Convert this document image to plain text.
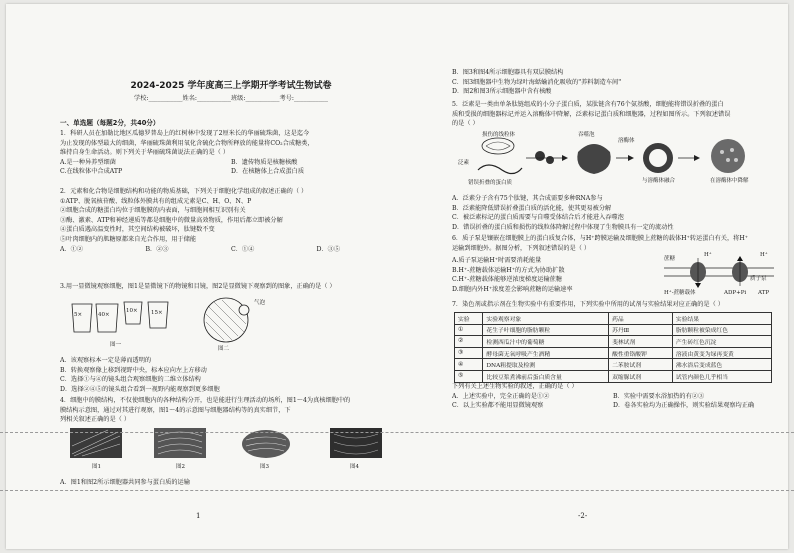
2024-2025 学年度高三上学期开学考试生物试卷
学校:___________姓名:___________班级:___________考号:___________
一、单选题（每题2分，共40分）
1．科研人员在加勒比地区瓜德罗普岛上的红树林中发现了2厘米长的华丽硫珠菌，这是迄今
为止发现的体型最大的细菌，华丽硫珠菌利用氧化含硫化合物所释放的能量将CO₂合成糖类，
维持自身生命活动。则下列关于华丽硫珠菌说法正确的是（ ）
A.是一种异养型细菌	B．遗传物质是核糖核酸
C.在线粒体中合成ATP	D．在核糖体上合成蛋白质
2．元素和化合物是细胞结构和功能的物质基础，下列关于细胞化学组成的叙述正确的（ ）
①ATP、脱氧核苷酸、线粒体外膜共有的组成元素是C、H、O、N、P
②细胞合成的糖蛋白均位于细胞膜的内表面，与细胞间相互识别有关
③酶、激素、ATP和神经递质等都是细胞中的微量高效物质，作用后都立即被分解
④蛋白质遇高温变性时，其空间结构被破坏，肽键数不变
⑤叶肉细胞内的肌糖原都来自光合作用，用于储能
A．①②	B．②③	C．①④	D．③⑤
3.用一显微镜观察细胞，图1是显微镜下的物镜和目镜，图2是显微镜下观察到的图象，正确的是（ ）
5×	40×
10× 15×
气泡
图一
图二
A．该观察标本一定是薄而透明的
B．转换观察像上移到视野中央，标本应向左上方移动
C．选择①与④的镜头组合观察细胞的二维立体结构
D．选择②④⑤的镜头组合看到一视野内能观察到更多细胞
4．细胞中的膜结构，不仅使细胞内的各种结构分开，也是能进行生理活动的场所，图1～4为真核细胞中的
膜结构示意图，通过对其进行观察，图1～4的示意图与细胞器结构等的真实细节，下
列相关叙述正确的是（ ）
图1	图2	图3	图4
A．图1和图2所示细胞器共同参与蛋白质的运输
1
B．图3和图4所示细胞器具有双层膜结构
C．图3细胞器中生物为绿叶海蛞蝓消化吸收的"养料制造车间"
D．图2和图3所示细胞器中含有核酸
5．泛素是一类由单条肽链组成的小分子蛋白质，某肽链含有76个氨基酸，细胞能将错误折叠的蛋白
质和受损的细胞器标记并运入溶酶体中降解，泛素标记蛋白质和细胞器，过程如图所示。下列叙述错误
的是（ ）
损伤的线粒体
泛素
错误折叠的蛋白质
吞噬泡
溶酶体
与溶酶体融合	在溶酶体中降解
A．泛素分子含有75个肽键，其合成需要多种RNA参与
B．泛素能降低错误折叠蛋白质的活化能，使其更易被分解
C．被泛素标记的蛋白质需要与自噬受体结合后才能进入吞噬泡
D．错误折叠的蛋白质和损伤的线粒体降解过程中体现了生物膜具有一定的流动性
6．质子泵是镶嵌在细胞膜上的蛋白质复合体，与H⁺跨膜运输及细胞膜上蔗糖的载体H⁺转运蛋白有关，将H⁺
运输到细胞外。据图分析，下列叙述错误的是（ ）
A.质子泵运输H⁺时需要消耗能量
B.H⁺-蔗糖载体运输H⁺的方式为协助扩散
C.H⁺-蔗糖载体能够逆浓度梯度运输蔗糖
D.细胞内外H⁺浓度差会影响蔗糖的运输速率
蔗糖
H⁺	H⁺
质子泵
H⁺-蔗糖载体	ADP+Pi ATP
7．染色剂或指示剂在生物实验中有重要作用，下列实验中所用的试剂与实验结果对应正确的是（ ）
实验	实验观察对象	药品	实验结果
①	花生子叶细胞的脂肪颗粒	苏丹Ⅲ	脂肪颗粒被染成红色
②	检测西瓜汁中的葡萄糖	斐林试剂	产生砖红色沉淀
③	酵母菌无氧呼吸产生酒精	酸性重铬酸钾	溶液由黄变为绿再变黄
④	DNA粗提取及检测	二苯胺试剂	沸水浴后变成蓝色
⑤	比较豆浆煮沸前后蛋白质含量	双缩脲试剂	试管内颜色几乎相当
下列有关上述生物实验的叙述，正确的是（ ）
A．上述实验中，完全正确的是①②	B．实验中需要水浴加热的有②③
C．以上实验都不能用显微镜观察	D．卷各实验均为正确操作，则实验结果观察均正确
-2-
